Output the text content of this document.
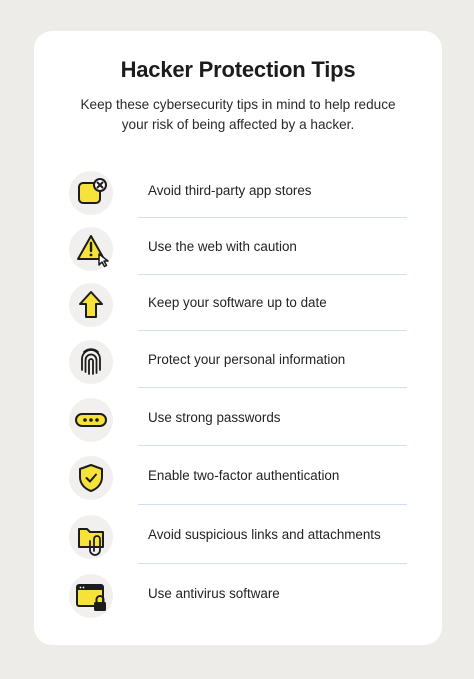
Hacker Protection Tips
Keep these cybersecurity tips in mind to help reduce
your risk of being affected by a hacker.
Avoid third-party app stores
Use the web with caution
Keep your software up to date
Protect your personal information
Use strong passwords
Enable two-factor authentication
Avoid suspicious links and attachments
Use antivirus software
